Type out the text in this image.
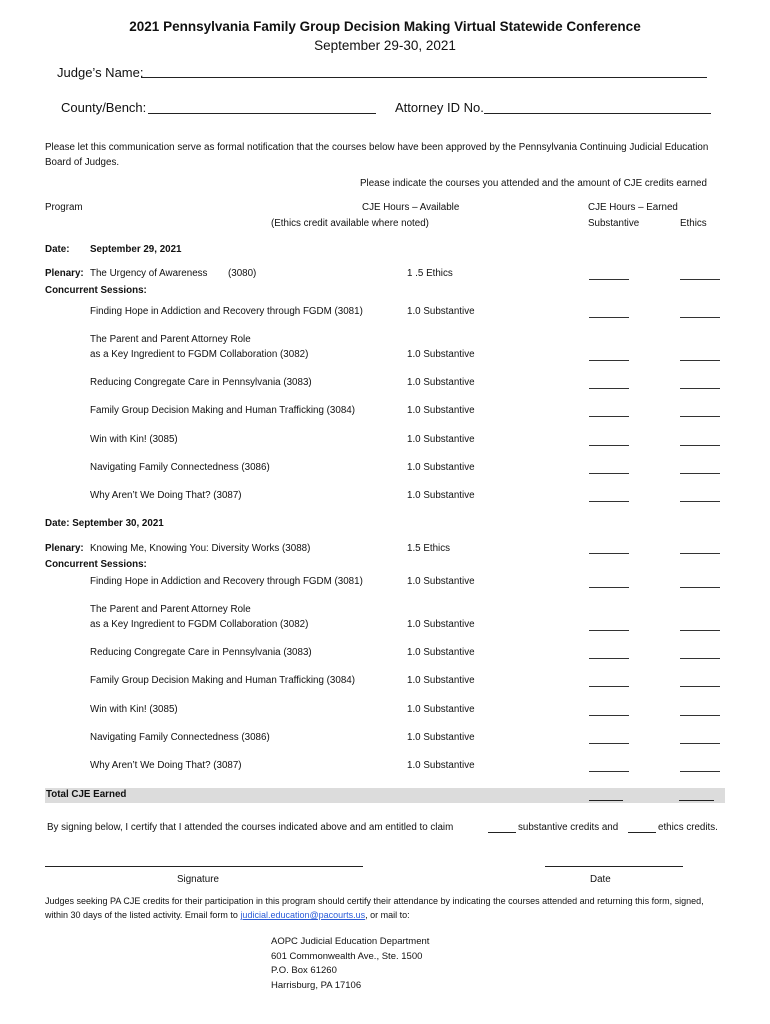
2021 Pennsylvania Family Group Decision Making Virtual Statewide Conference
September 29-30, 2021
Judge’s Name:
County/Bench:	Attorney ID No.
Please let this communication serve as formal notification that the courses below have been approved by the Pennsylvania Continuing Judicial Education Board of Judges.
Please indicate the courses you attended and the amount of CJE credits earned
Program	CJE Hours – Available
(Ethics credit available where noted)
CJE Hours – Earned
Substantive	Ethics
Date: September 29, 2021
Plenary: The Urgency of Awareness (3080)	1 .5 Ethics
Concurrent Sessions:
Finding Hope in Addiction and Recovery through FGDM (3081)	1.0 Substantive
The Parent and Parent Attorney Role
as a Key Ingredient to FGDM Collaboration (3082)	1.0 Substantive
Reducing Congregate Care in Pennsylvania (3083)	1.0 Substantive
Family Group Decision Making and Human Trafficking (3084)	1.0 Substantive
Win with Kin! (3085)	1.0 Substantive
Navigating Family Connectedness (3086)	1.0 Substantive
Why Aren’t We Doing That? (3087)	1.0 Substantive
Date: September 30, 2021
Plenary: Knowing Me, Knowing You: Diversity Works (3088)	1.5 Ethics
Concurrent Sessions:
Finding Hope in Addiction and Recovery through FGDM (3081)	1.0 Substantive
The Parent and Parent Attorney Role
as a Key Ingredient to FGDM Collaboration (3082)	1.0 Substantive
Reducing Congregate Care in Pennsylvania (3083)	1.0 Substantive
Family Group Decision Making and Human Trafficking (3084)	1.0 Substantive
Win with Kin! (3085)	1.0 Substantive
Navigating Family Connectedness (3086)	1.0 Substantive
Why Aren’t We Doing That? (3087)	1.0 Substantive
Total CJE Earned
By signing below, I certify that I attended the courses indicated above and am entitled to claim	substantive credits and	ethics credits.
Signature	Date
Judges seeking PA CJE credits for their participation in this program should certify their attendance by indicating the courses attended and returning this form, signed,
within 30 days of the listed activity. Email form to judicial.education@pacourts.us, or mail to:
AOPC Judicial Education Department
601 Commonwealth Ave., Ste. 1500
P.O. Box 61260
Harrisburg, PA 17106
